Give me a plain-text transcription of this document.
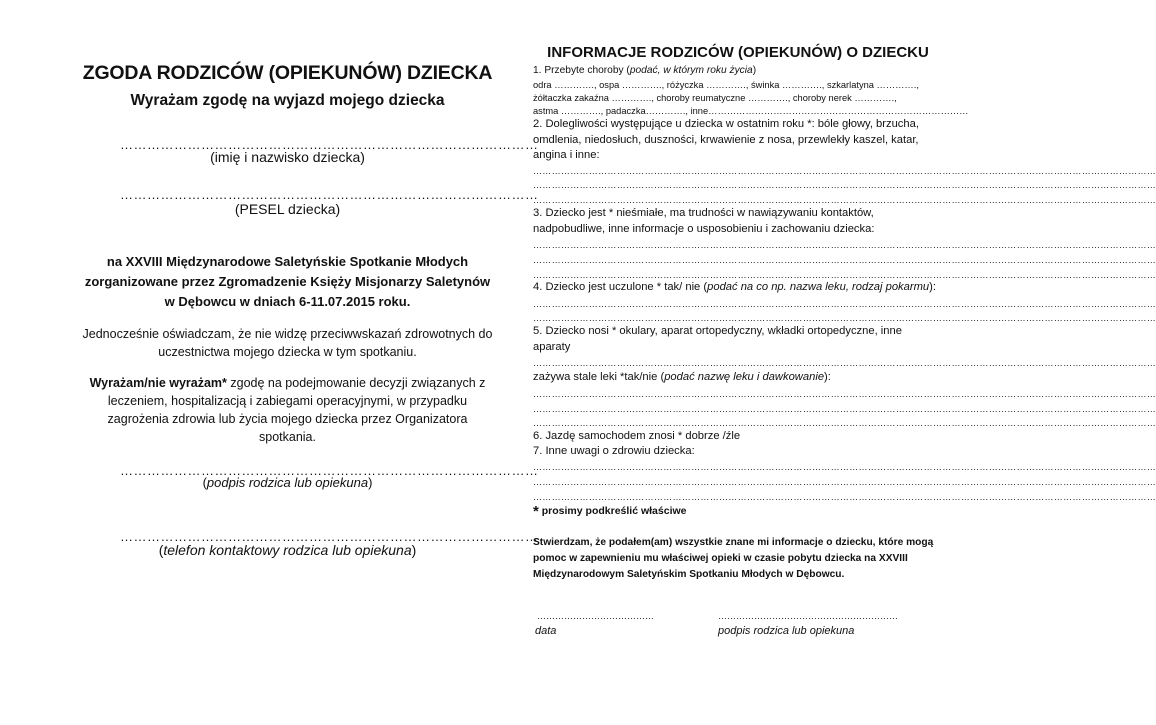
ZGODA RODZICÓW (OPIEKUNÓW) DZIECKA
Wyrażam zgodę na wyjazd mojego dziecka
…………………………………………………………………………………
(imię i nazwisko dziecka)
…………………………………………………………………………………
(PESEL dziecka)
na XXVIII Międzynarodowe Saletyńskie Spotkanie Młodych
zorganizowane przez Zgromadzenie Księży Misjonarzy Saletynów
w Dębowcu w dniach 6-11.07.2015 roku.
Jednocześnie oświadczam, że nie widzę przeciwwskazań zdrowotnych do uczestnictwa mojego dziecka w tym spotkaniu.
Wyrażam/nie wyrażam* zgodę na podejmowanie decyzji związanych z leczeniem, hospitalizacją i zabiegami operacyjnymi, w przypadku zagrożenia zdrowia lub życia mojego dziecka przez Organizatora spotkania.
…………………………………………………………………………………
(podpis rodzica lub opiekuna)
…………………………………………………………………………………
(telefon kontaktowy rodzica lub opiekuna)
INFORMACJE RODZICÓW (OPIEKUNÓW) O DZIECKU
1. Przebyte choroby (podać, w którym roku życia)
odra …………., ospa …………., różyczka …………., świnka …………., szkarlatyna ………….,
żółtaczka zakaźna …………., choroby reumatyczne …………., choroby nerek ………….,
astma …………., padaczka…………., inne…………………………………………………………………………
2. Dolegliwości występujące u dziecka w ostatnim roku *: bóle głowy, brzucha, omdlenia, niedosłuch, duszności, krwawienie z nosa, przewlekły kaszel, katar, angina i inne:
…………………………………………………………………………………………………………………………………………………………………………………
…………………………………………………………………………………………………………………………………………………………………………………
…………………………………………………………………………………………………………………………………………………………………………………
3. Dziecko jest * nieśmiałe, ma trudności w nawiązywaniu kontaktów, nadpobudliwe, inne informacje o usposobieniu i zachowaniu dziecka:
…………………………………………………………………………………………………………………………………………………………………………………
…………………………………………………………………………………………………………………………………………………………………………………
…………………………………………………………………………………………………………………………………………………………………………………
4. Dziecko jest uczulone * tak/ nie (podać na co np. nazwa leku, rodzaj pokarmu):
…………………………………………………………………………………………………………………………………………………………………………………
…………………………………………………………………………………………………………………………………………………………………………………
5. Dziecko nosi * okulary, aparat ortopedyczny, wkładki ortopedyczne, inne aparaty
…………………………………………………………………………………………………………………………………………………………………………………
zażywa stale leki *tak/nie (podać nazwę leku i dawkowanie):
…………………………………………………………………………………………………………………………………………………………………………………
…………………………………………………………………………………………………………………………………………………………………………………
…………………………………………………………………………………………………………………………………………………………………………………
6. Jazdę samochodem znosi * dobrze /źle
7. Inne uwagi o zdrowiu dziecka:
…………………………………………………………………………………………………………………………………………………………………………………
…………………………………………………………………………………………………………………………………………………………………………………
…………………………………………………………………………………………………………………………………………………………………………………
* prosimy podkreślić właściwe
Stwierdzam, że podałem(am) wszystkie znane mi informacje o dziecku, które mogą pomoc w zapewnieniu mu właściwej opieki w czasie pobytu dziecka na XXVIII Międzynarodowym Saletyńskim Spotkaniu Młodych w Dębowcu.
…………………………………	……………………………………………………
data	podpis rodzica lub opiekuna
